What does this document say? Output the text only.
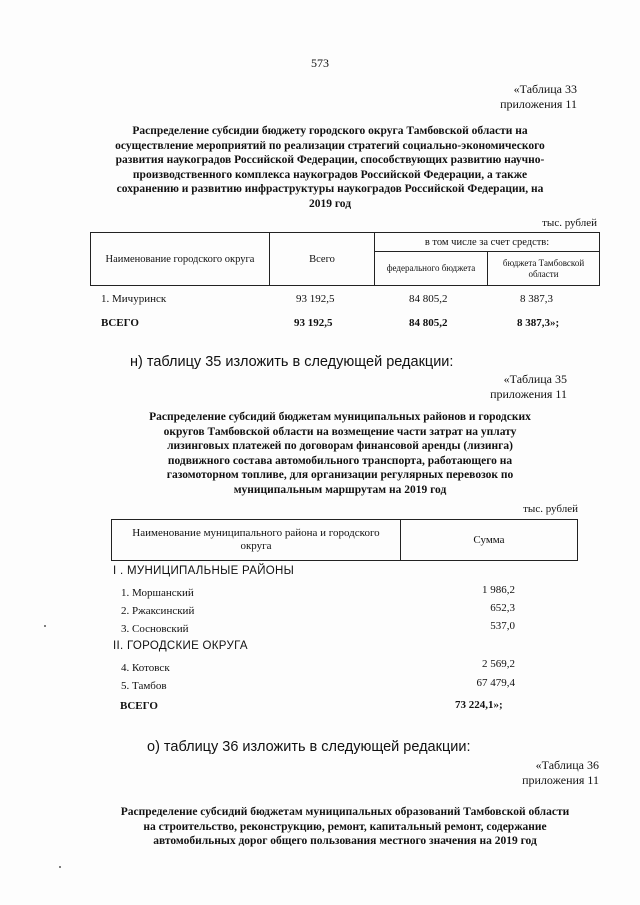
573
«Таблица 33
приложения 11
Распределение субсидии бюджету городского округа Тамбовской области на
осуществление мероприятий по реализации стратегий социально-экономического
развития наукоградов Российской Федерации, способствующих развитию научно-
производственного комплекса наукоградов Российской Федерации, а также
сохранению и развитию инфраструктуры наукоградов Российской Федерации, на
2019 год
тыс. рублей
Наименование городского округа	Всего	в том числе за счет средств:	
		федерального бюджета	бюджета Тамбовской области
1. Мичуринск	93 192,5	84 805,2	8 387,3
ВСЕГО	93 192,5	84 805,2	8 387,3»;
н) таблицу 35 изложить в следующей редакции:
«Таблица 35
приложения 11
Распределение субсидий бюджетам муниципальных районов и городских
округов Тамбовской области на возмещение части затрат на уплату
лизинговых платежей по договорам финансовой аренды (лизинга)
подвижного состава автомобильного транспорта, работающего на
газомоторном топливе, для организации регулярных перевозок по
муниципальным маршрутам на 2019 год
тыс. рублей
Наименование муниципального района и городского округа	Сумма
I . МУНИЦИПАЛЬНЫЕ РАЙОНЫ
1. Моршанский	1 986,2
2. Ржаксинский	652,3
3. Сосновский	537,0
II. ГОРОДСКИЕ ОКРУГА
4. Котовск	2 569,2
5. Тамбов	67 479,4
ВСЕГО	73 224,1»;
о) таблицу 36 изложить в следующей редакции:
«Таблица 36
приложения 11
Распределение субсидий бюджетам муниципальных образований Тамбовской области
на строительство, реконструкцию, ремонт, капитальный ремонт, содержание
автомобильных дорог общего пользования местного значения на 2019 год
